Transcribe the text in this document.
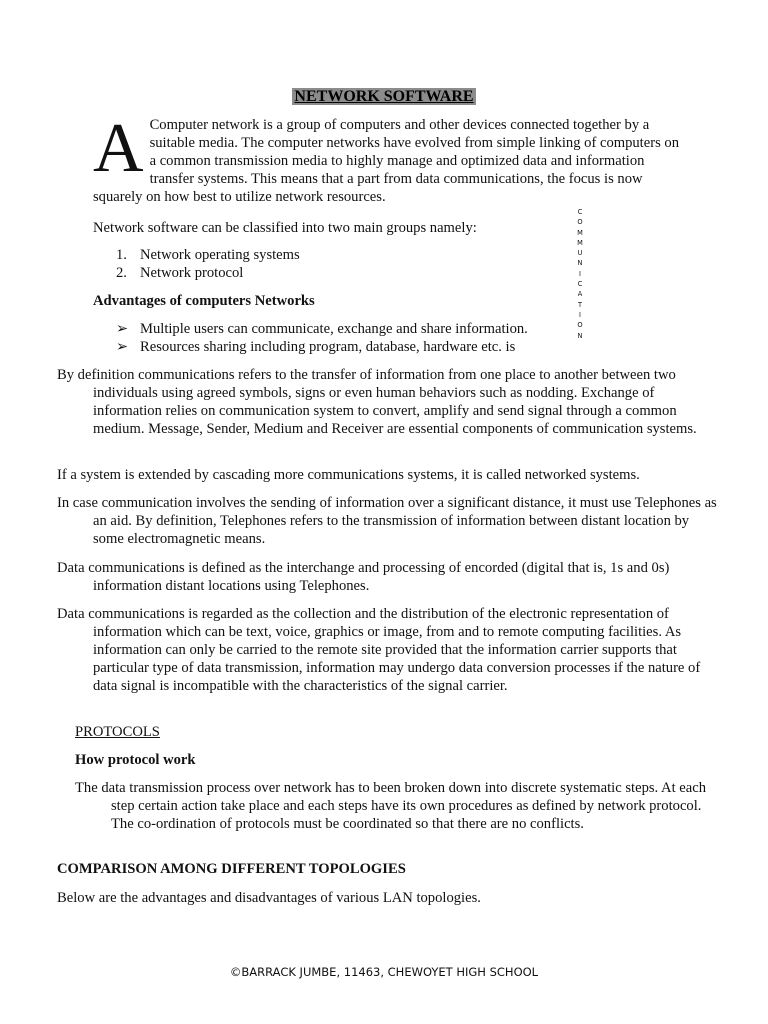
NETWORK SOFTWARE
A Computer network is a group of computers and other devices connected together by a suitable media. The computer networks have evolved from simple linking of computers on a common transmission media to highly manage and optimized data and information transfer systems. This means that a part from data communications, the focus is now squarely on how best to utilize network resources.

C
O
M
M
U
N
I
C
A
T
I
O
N

Network software can be classified into two main groups namely:

1. Network operating systems
2. Network protocol

Advantages of computers Networks

➢ Multiple users can communicate, exchange and share information.
➢ Resources sharing including program, database, hardware etc. is

By definition communications refers to the transfer of information from one place to another between two individuals using agreed symbols, signs or even human behaviors such as nodding. Exchange of information relies on communication system to convert, amplify and send signal through a common medium. Message, Sender, Medium and Receiver are essential components of communication systems.

If a system is extended by cascading more communications systems, it is called networked systems.

In case communication involves the sending of information over a significant distance, it must use Telephones as an aid. By definition, Telephones refers to the transmission of information between distant location by some electromagnetic means.

Data communications is defined as the interchange and processing of encorded (digital that is, 1s and 0s) information distant locations using Telephones.

Data communications is regarded as the collection and the distribution of the electronic representation of information which can be text, voice, graphics or image, from and to remote computing facilities. As information can only be carried to the remote site provided that the information carrier supports that particular type of data transmission, information may undergo data conversion processes if the nature of data signal is incompatible with the characteristics of the signal carrier.

PROTOCOLS

How protocol work

The data transmission process over network has to been broken down into discrete systematic steps. At each step certain action take place and each steps have its own procedures as defined by network protocol. The co-ordination of protocols must be coordinated so that there are no conflicts.

COMPARISON AMONG DIFFERENT TOPOLOGIES

Below are the advantages and disadvantages of various LAN topologies.

©BARRACK JUMBE, 11463, CHEWOYET HIGH SCHOOL
